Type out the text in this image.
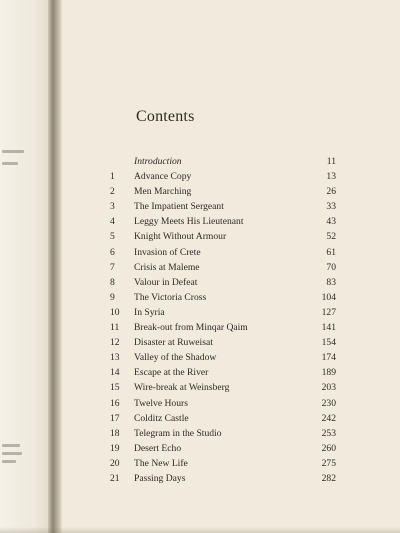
Contents
Introduction	11
1	Advance Copy	13
2	Men Marching	26
3	The Impatient Sergeant	33
4	Leggy Meets His Lieutenant	43
5	Knight Without Armour	52
6	Invasion of Crete	61
7	Crisis at Maleme	70
8	Valour in Defeat	83
9	The Victoria Cross	104
10	In Syria	127
11	Break-out from Minqar Qaim	141
12	Disaster at Ruweisat	154
13	Valley of the Shadow	174
14	Escape at the River	189
15	Wire-break at Weinsberg	203
16	Twelve Hours	230
17	Colditz Castle	242
18	Telegram in the Studio	253
19	Desert Echo	260
20	The New Life	275
21	Passing Days	282
